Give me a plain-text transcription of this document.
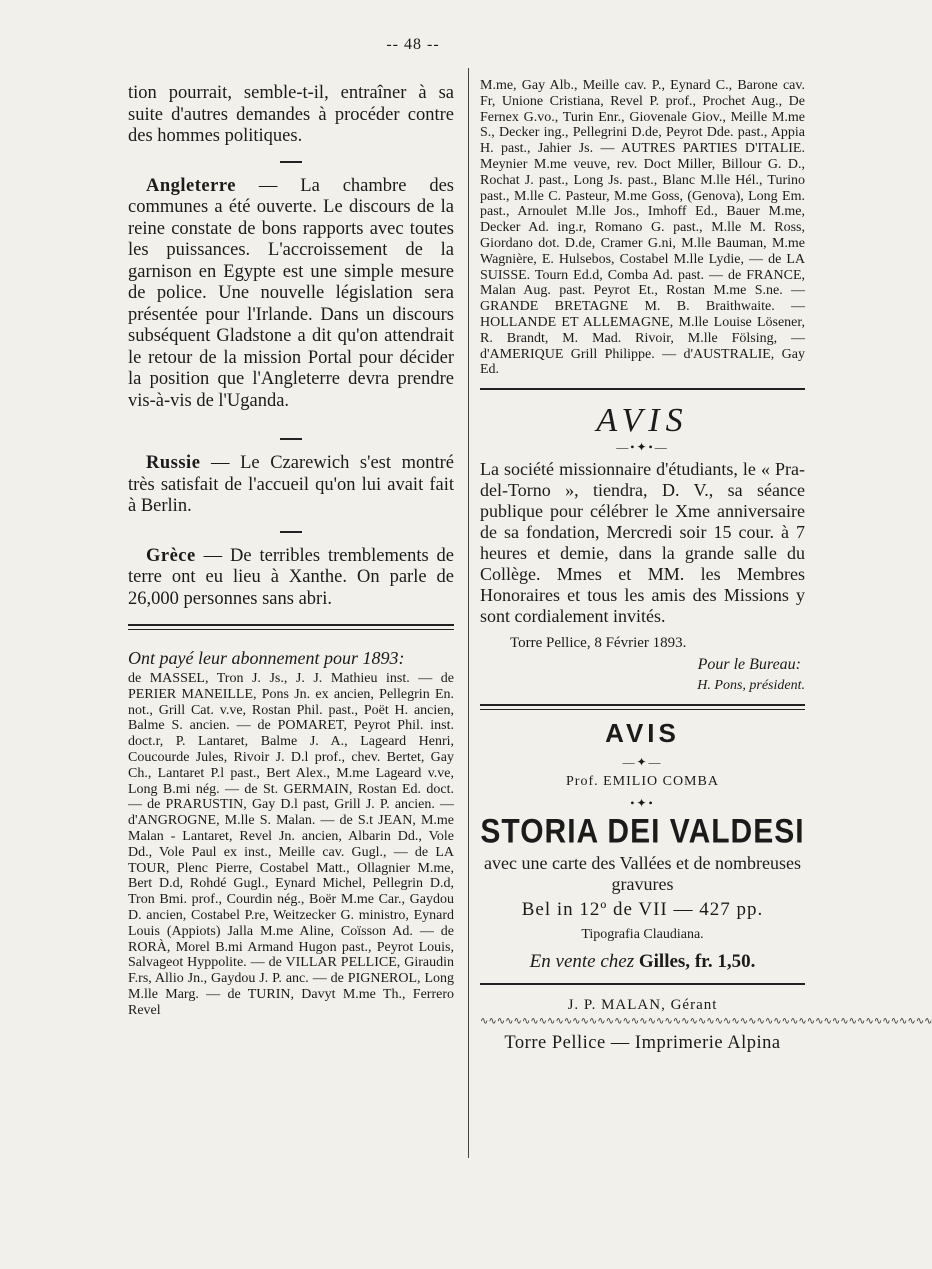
-- 48 --

tion pourrait, semble-t-il, entraîner à sa suite d'autres demandes à procéder contre des hommes politiques.

Angleterre — La chambre des communes a été ouverte. Le discours de la reine constate de bons rapports avec toutes les puissances. L'accroissement de la garnison en Egypte est une simple mesure de police. Une nouvelle législation sera présentée pour l'Irlande. Dans un discours subséquent Gladstone a dit qu'on attendrait le retour de la mission Portal pour décider la position que l'Angleterre devra prendre vis-à-vis de l'Uganda.

Russie — Le Czarewich s'est montré très satisfait de l'accueil qu'on lui avait fait à Berlin.

Grèce — De terribles tremblements de terre ont eu lieu à Xanthe. On parle de 26,000 personnes sans abri.

Ont payé leur abonnement pour 1893:

de MASSEL, Tron J. Js., J. J. Mathieu inst. — de PERIER MANEILLE, Pons Jn. ex ancien, Pellegrin En. not., Grill Cat. v.ve, Rostan Phil. past., Poët H. ancien, Balme S. ancien. — de POMARET, Peyrot Phil. inst. doct.r, P. Lantaret, Balme J. A., Lageard Henri, Coucourde Jules, Rivoir J. D.l prof., chev. Bertet, Gay Ch., Lantaret P.l past., Bert Alex., M.me Lageard v.ve, Long B.mi nég. — de St. GERMAIN, Rostan Ed. doct. — de PRARUSTIN, Gay D.l past, Grill J. P. ancien. — d'ANGROGNE, M.lle S. Malan. — de S.t JEAN, M.me Malan - Lantaret, Revel Jn. ancien, Albarin Dd., Vole Dd., Vole Paul ex inst., Meille cav. Gugl., — de LA TOUR, Plenc Pierre, Costabel Matt., Ollagnier M.me, Bert D.d, Rohdé Gugl., Eynard Michel, Pellegrin D.d, Tron Bmi. prof., Courdin nég., Boër M.me Car., Gaydou D. ancien, Costabel P.re, Weitzecker G. ministro, Eynard Louis (Appiots) Jalla M.me Aline, Coïsson Ad. — de RORÀ, Morel B.mi Armand Hugon past., Peyrot Louis, Salvageot Hyppolite. — de VILLAR PELLICE, Giraudin F.rs, Allio Jn., Gaydou J. P. anc. — de PIGNEROL, Long M.lle Marg. — de TURIN, Davyt M.me Th., Ferrero Revel

M.me, Gay Alb., Meille cav. P., Eynard C., Barone cav. Fr, Unione Cristiana, Revel P. prof., Prochet Aug., De Fernex G.vo., Turin Enr., Giovenale Giov., Meille M.me S., Decker ing., Pellegrini D.de, Peyrot Dde. past., Appia H. past., Jahier Js. — AUTRES PARTIES D'ITALIE. Meynier M.me veuve, rev. Doct Miller, Billour G. D., Rochat J. past., Long Js. past., Blanc M.lle Hél., Turino past., M.lle C. Pasteur, M.me Goss, (Genova), Long Em. past., Arnoulet M.lle Jos., Imhoff Ed., Bauer M.me, Decker Ad. ing.r, Romano G. past., M.lle M. Ross, Giordano dot. D.de, Cramer G.ni, M.lle Bauman, M.me Wagnière, E. Hulsebos, Costabel M.lle Lydie, — de LA SUISSE. Tourn Ed.d, Comba Ad. past. — de FRANCE, Malan Aug. past. Peyrot Et., Rostan M.me S.ne. — GRANDE BRETAGNE M. B. Braithwaite. — HOLLANDE ET ALLEMAGNE, M.lle Louise Lösener, R. Brandt, M. Mad. Rivoir, M.lle Fölsing, — d'AMERIQUE Grill Philippe. — d'AUSTRALIE, Gay Ed.

AVIS

—•✦•—

La société missionnaire d'étudiants, le « Pra-del-Torno », tiendra, D. V., sa séance publique pour célébrer le Xme anniversaire de sa fondation, Mercredi soir 15 cour. à 7 heures et demie, dans la grande salle du Collège. Mmes et MM. les Membres Honoraires et tous les amis des Missions y sont cordialement invités.

Torre Pellice, 8 Février 1893.

Pour le Bureau:

H. Pons, président.

AVIS

—✦—

Prof. EMILIO COMBA

•✦•

STORIA DEI VALDESI

avec une carte des Vallées et de nombreuses gravures

Bel in 12º de VII — 427 pp.

Tipografia Claudiana.

En vente chez Gilles, fr. 1,50.

J. P. MALAN, Gérant

∿∿∿∿∿∿∿∿∿∿∿∿∿∿∿∿∿∿∿∿∿∿∿∿∿∿∿∿∿∿∿∿∿∿∿∿∿∿∿∿∿∿∿∿∿∿∿∿∿∿∿∿∿∿

Torre Pellice — Imprimerie Alpina
